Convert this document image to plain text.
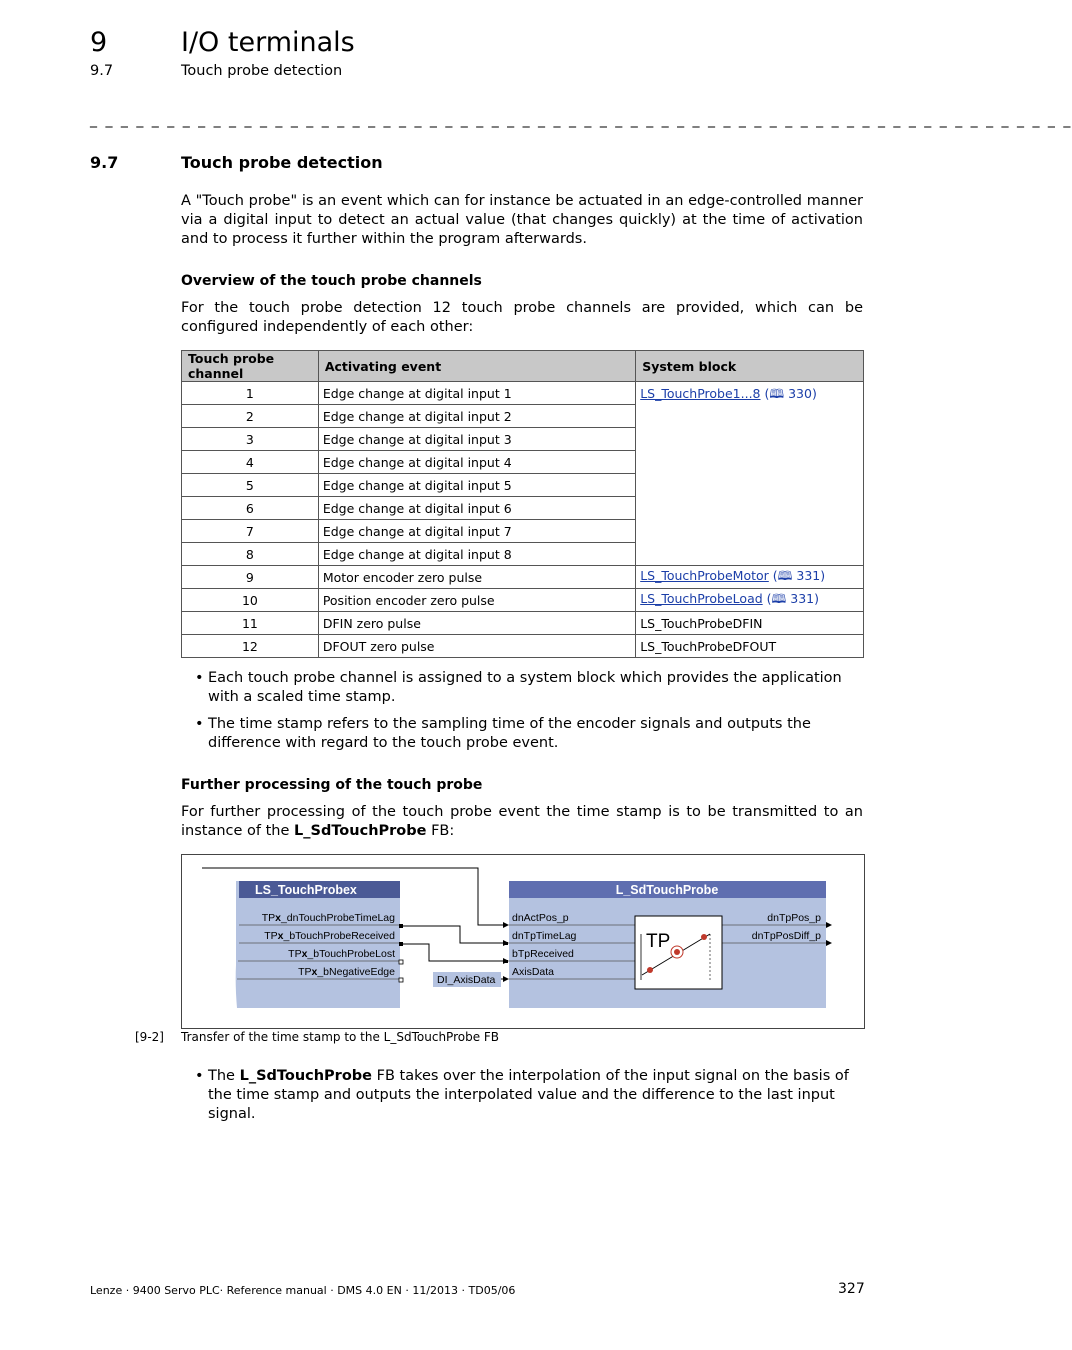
9	I/O terminals
9.7	Touch probe detection
_ _ _ _ _ _ _ _ _ _ _ _ _ _ _ _ _ _ _ _ _ _ _ _ _ _ _ _ _ _ _ _ _ _ _ _ _ _ _ _ _ _ _ _ _ _ _ _ _ _ _ _ _ _ _ _ _ _ _ _ _ _ _ _
9.7	Touch probe detection
A "Touch probe" is an event which can for instance be actuated in an edge-controlled manner via a digital input to detect an actual value (that changes quickly) at the time of activation and to process it further within the program afterwards.
Overview of the touch probe channels
For the touch probe detection 12 touch probe channels are provided, which can be configured independently of each other:
Touch probe channel	Activating event	System block
1	Edge change at digital input 1	LS_TouchProbe1...8 (🕮 330)
2	Edge change at digital input 2	
3	Edge change at digital input 3	
4	Edge change at digital input 4	
5	Edge change at digital input 5	
6	Edge change at digital input 6	
7	Edge change at digital input 7	
8	Edge change at digital input 8	
9	Motor encoder zero pulse	LS_TouchProbeMotor (🕮 331)
10	Position encoder zero pulse	LS_TouchProbeLoad (🕮 331)
11	DFIN zero pulse	LS_TouchProbeDFIN
12	DFOUT zero pulse	LS_TouchProbeDFOUT
• Each touch probe channel is assigned to a system block which provides the application with a scaled time stamp.
• The time stamp refers to the sampling time of the encoder signals and outputs the difference with regard to the touch probe event.
Further processing of the touch probe
For further processing of the touch probe event the time stamp is to be transmitted to an instance of the L_SdTouchProbe FB:
LS_TouchProbex
TPx_dnTouchProbeTimeLag
TPx_bTouchProbeReceived
TPx_bTouchProbeLost
TPx_bNegativeEdge
L_SdTouchProbe
dnActPos_p
dnTpTimeLag
bTpReceived
AxisData
dnTpPos_p
dnTpPosDiff_p
DI_AxisData
TP
[9-2] Transfer of the time stamp to the L_SdTouchProbe FB
• The L_SdTouchProbe FB takes over the interpolation of the input signal on the basis of the time stamp and outputs the interpolated value and the difference to the last input signal.
Lenze · 9400 Servo PLC· Reference manual · DMS 4.0 EN · 11/2013 · TD05/06	327
